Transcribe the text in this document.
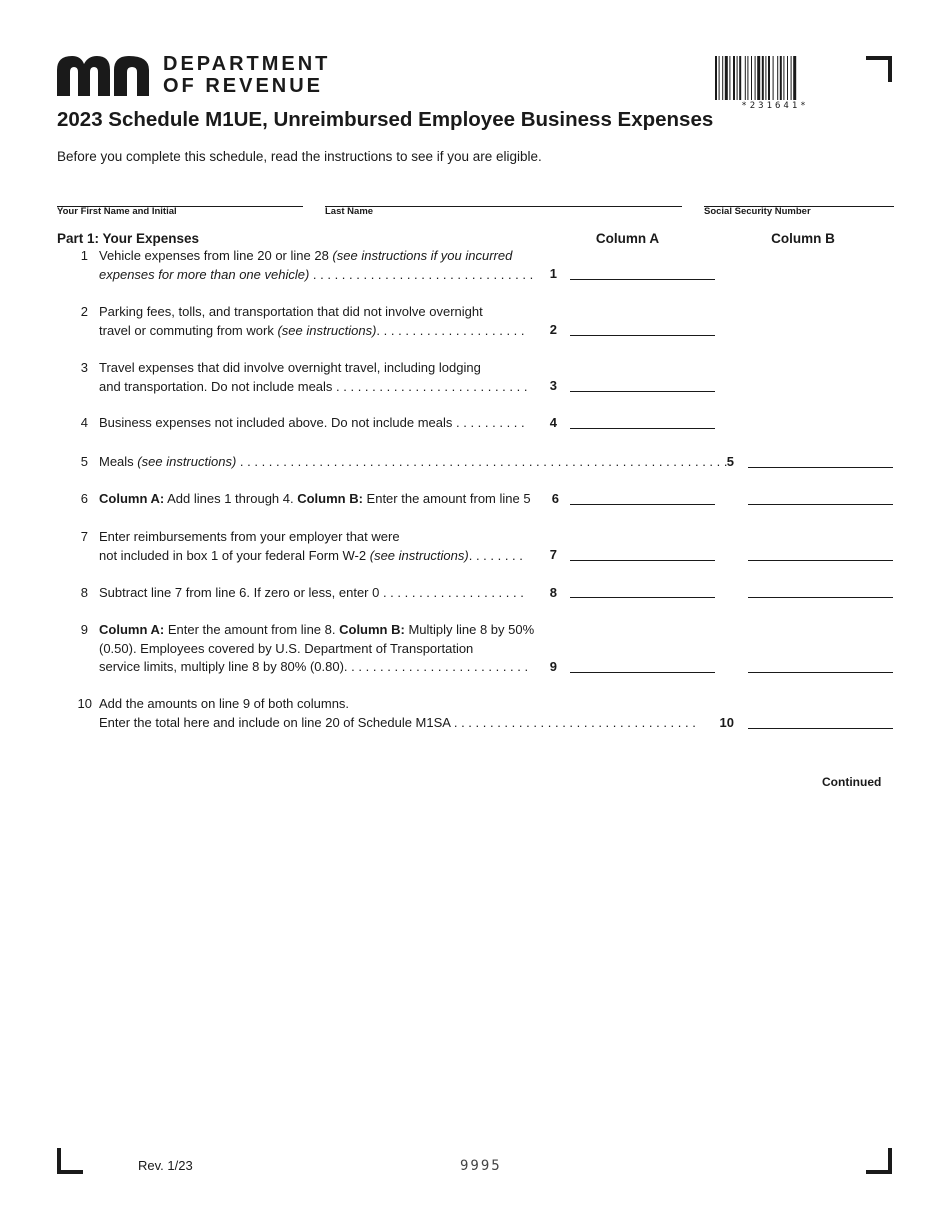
DEPARTMENT
OF REVENUE
*231641*
2023 Schedule M1UE, Unreimbursed Employee Business Expenses
Before you complete this schedule, read the instructions to see if you are eligible.
Your First Name and Initial	Last Name	Social Security Number
Part 1: Your Expenses	Column A	Column B
1 Vehicle expenses from line 20 or line 28 (see instructions if you incurred
expenses for more than one vehicle) . . . . . . . . . . . . . . . . . . . . . . . . . . . . . . .	1
2 Parking fees, tolls, and transportation that did not involve overnight
travel or commuting from work (see instructions). . . . . . . . . . . . . . . . . . . . .	2
3 Travel expenses that did involve overnight travel, including lodging
and transportation. Do not include meals . . . . . . . . . . . . . . . . . . . . . . . . . . .	3
4 Business expenses not included above. Do not include meals . . . . . . . . . .	4
5 Meals (see instructions) . . . . . . . . . . . . . . . . . . . . . . . . . . . . . . . . . . . . . . . . . . . . . . . . . . . . . . . . . . . . . . . . . . . . 5
6 Column A: Add lines 1 through 4. Column B: Enter the amount from line 5	6
7 Enter reimbursements from your employer that were
not included in box 1 of your federal Form W-2 (see instructions). . . . . . . .	7
8 Subtract line 7 from line 6. If zero or less, enter 0 . . . . . . . . . . . . . . . . . . . .	8
9 Column A: Enter the amount from line 8. Column B: Multiply line 8 by 50%
(0.50). Employees covered by U.S. Department of Transportation
service limits, multiply line 8 by 80% (0.80). . . . . . . . . . . . . . . . . . . . . . . . . .	9
10 Add the amounts on line 9 of both columns.
Enter the total here and include on line 20 of Schedule M1SA . . . . . . . . . . . . . . . . . . . . . . . . . . . . . . . . . .	10
Continued
Rev. 1/23	9995
